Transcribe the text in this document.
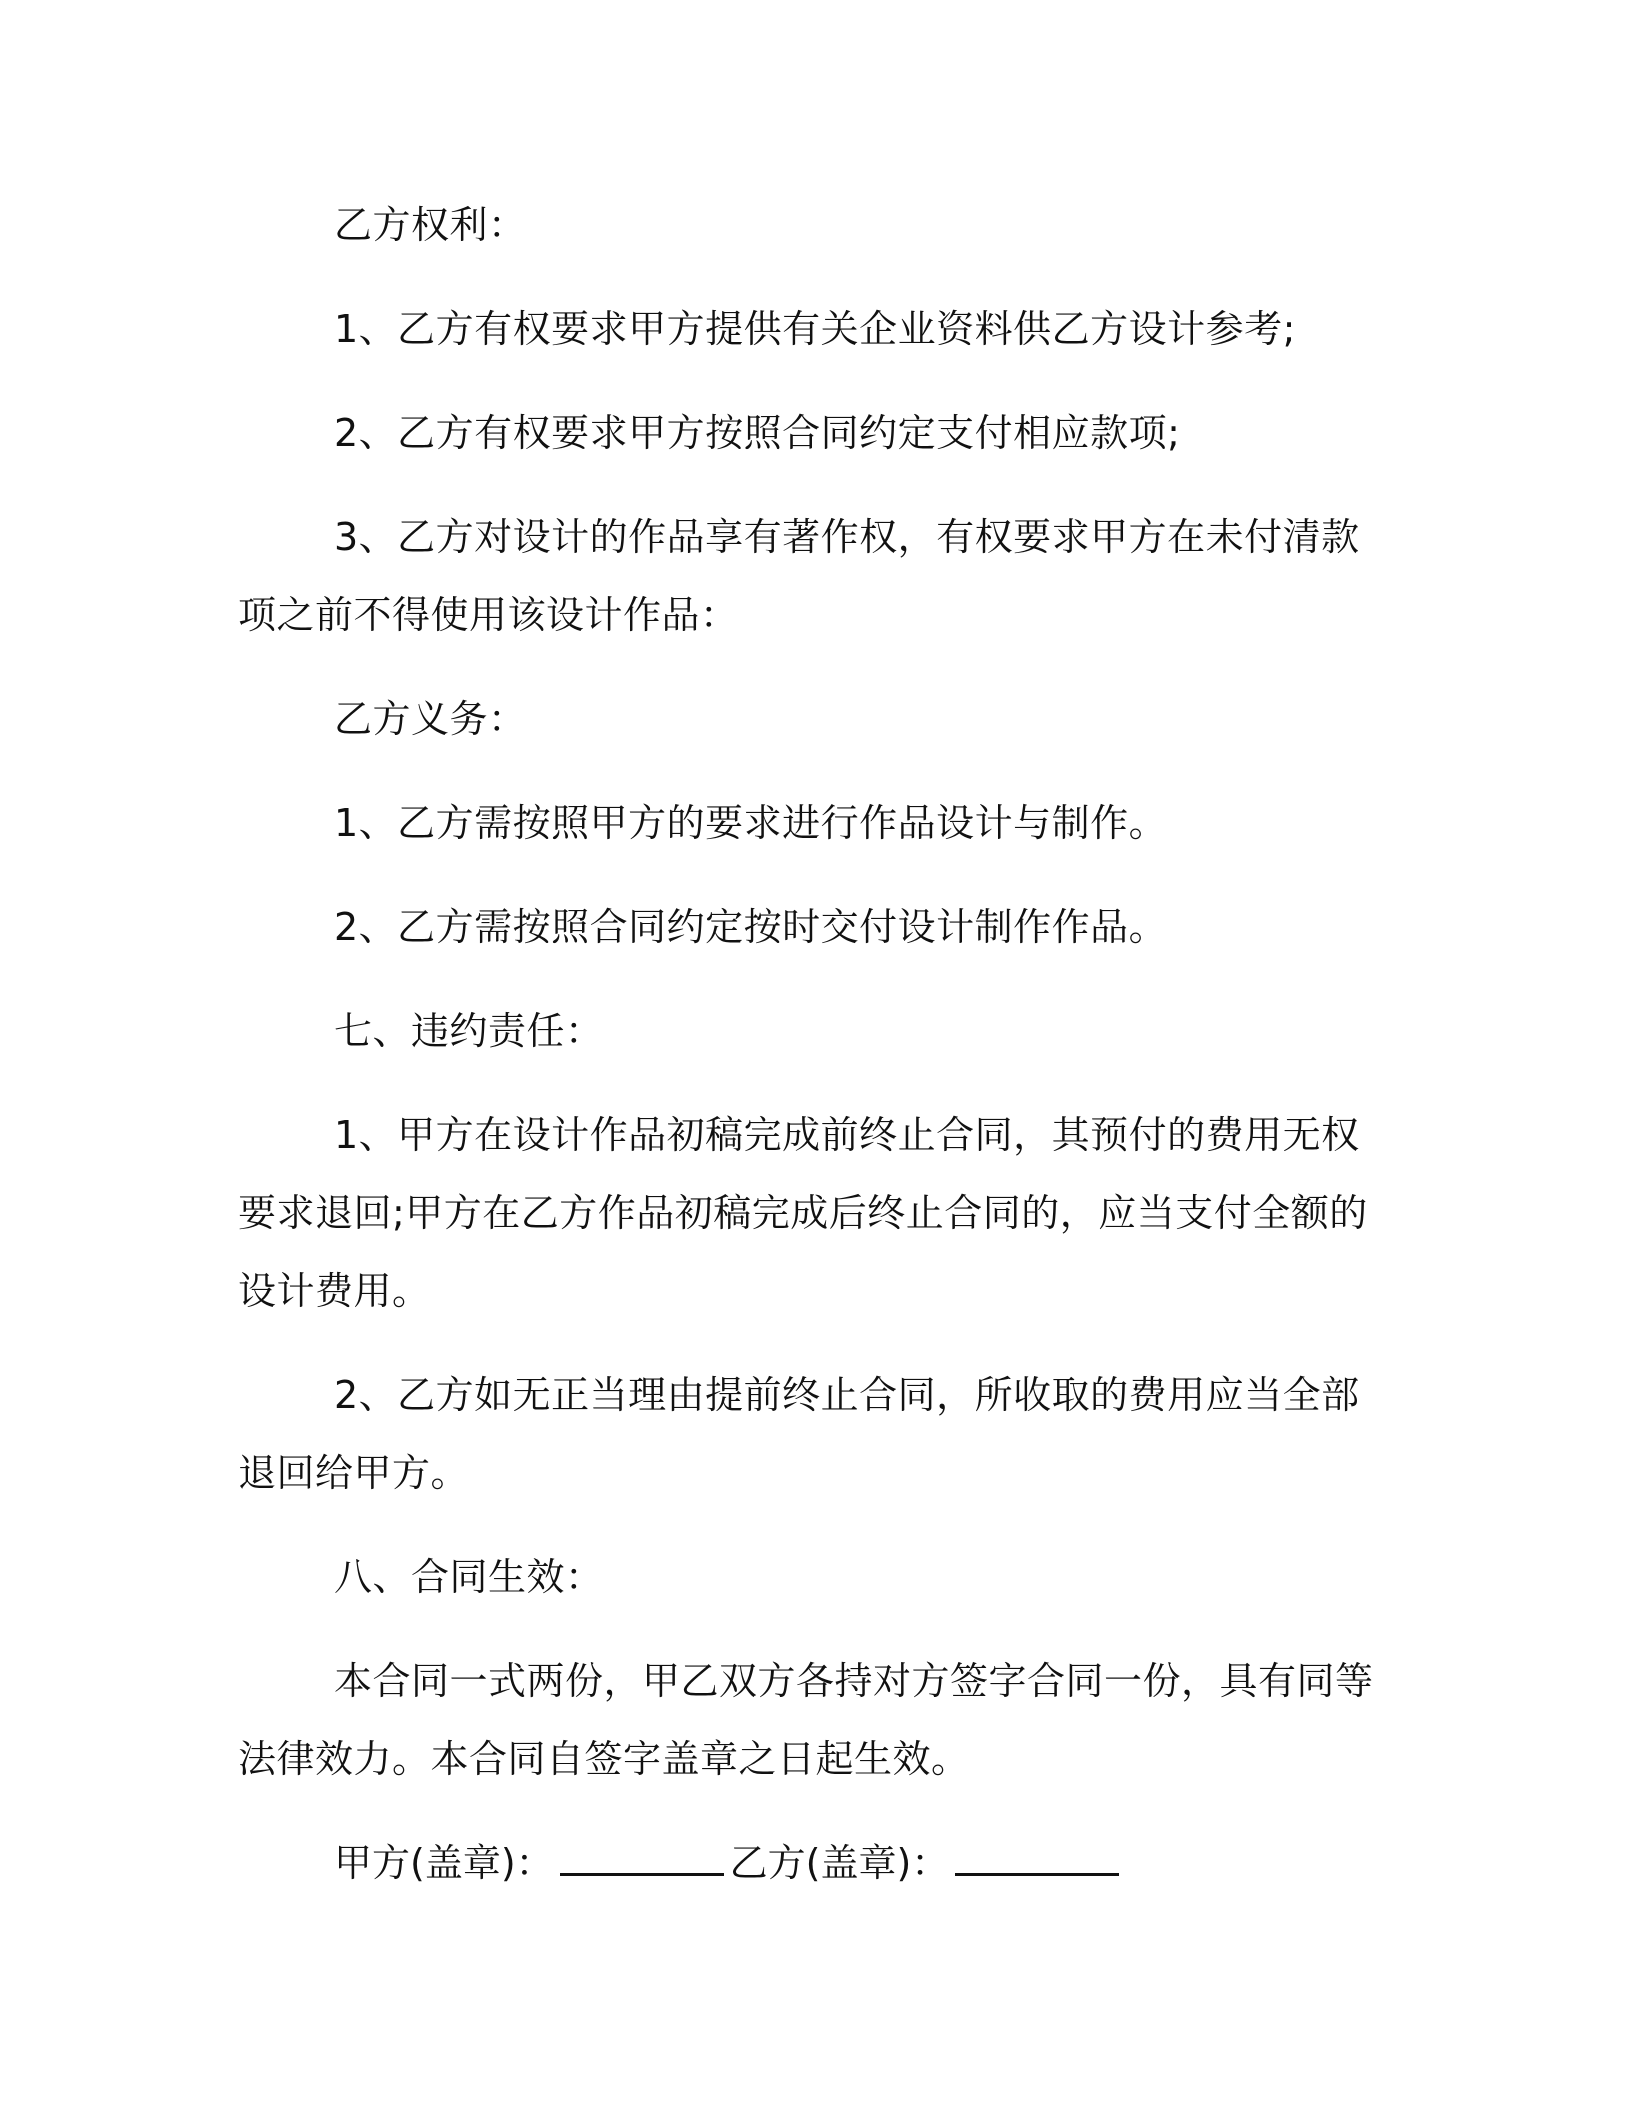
乙方权利：

1、乙方有权要求甲方提供有关企业资料供乙方设计参考;

2、乙方有权要求甲方按照合同约定支付相应款项;

3、乙方对设计的作品享有著作权，有权要求甲方在未付清款项之前不得使用该设计作品：

乙方义务：

1、乙方需按照甲方的要求进行作品设计与制作。

2、乙方需按照合同约定按时交付设计制作作品。

七、违约责任：

1、甲方在设计作品初稿完成前终止合同，其预付的费用无权要求退回;甲方在乙方作品初稿完成后终止合同的，应当支付全额的设计费用。

2、乙方如无正当理由提前终止合同，所收取的费用应当全部退回给甲方。

八、合同生效：

本合同一式两份，甲乙双方各持对方签字合同一份，具有同等法律效力。本合同自签字盖章之日起生效。

甲方(盖章)：	乙方(盖章)：
